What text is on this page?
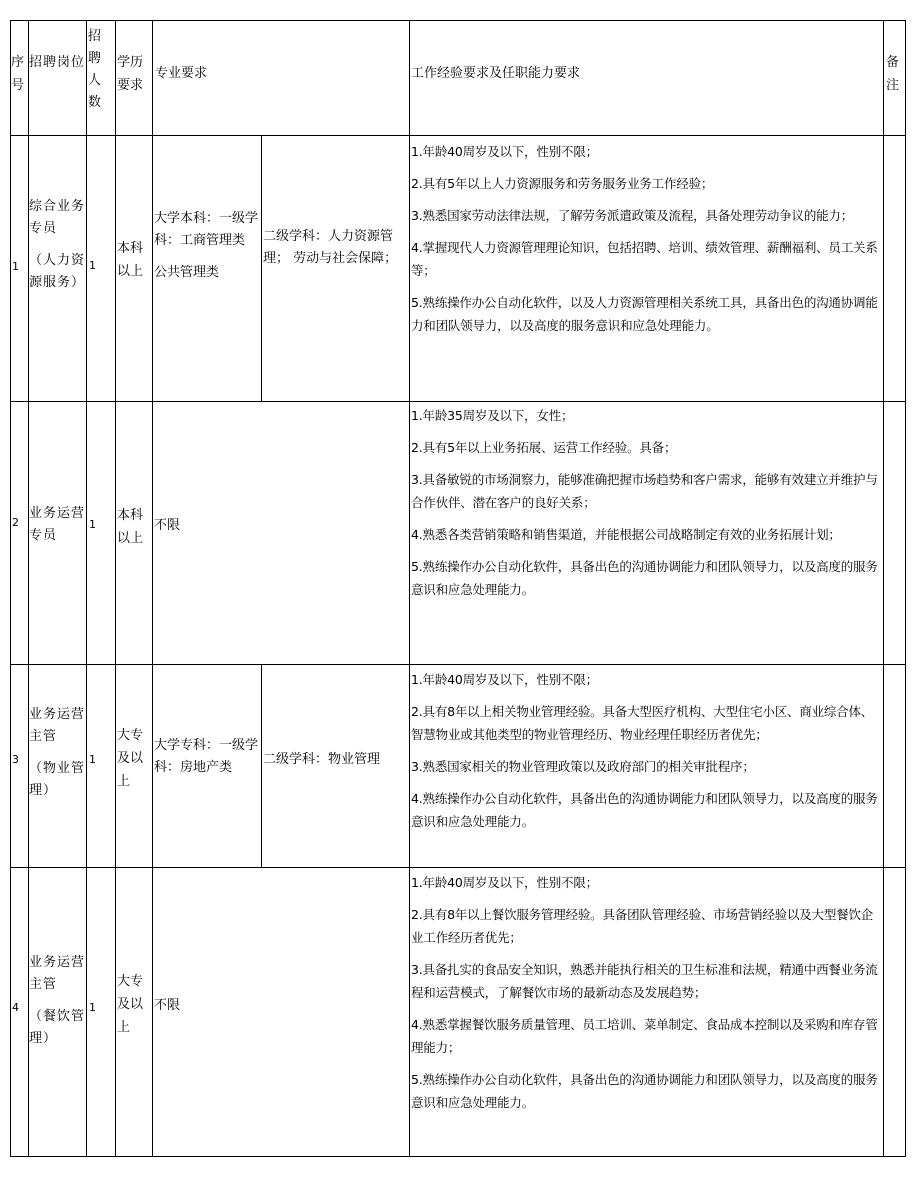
序号
招聘岗位
招聘人数
学历要求
专业要求	工作经验要求及任职能力要求
备注
1
综合业务专员
（人力资源服务）
1
本科以上
大学本科：一级学科：工商管理类
公共管理类
二级学科：人力资源管理； 劳动与社会保障；

1.年龄40周岁及以下，性别不限；

2.具有5年以上人力资源服务和劳务服务业务工作经验；

3.熟悉国家劳动法律法规，了解劳务派遣政策及流程，具备处理劳动争议的能力；

4.掌握现代人力资源管理理论知识，包括招聘、培训、绩效管理、薪酬福利、员工关系等；

5.熟练操作办公自动化软件，以及人力资源管理相关系统工具，具备出色的沟通协调能力和团队领导力，以及高度的服务意识和应急处理能力。

2
业务运营专员
1
本科以上
不限

1.年龄35周岁及以下，女性；

2.具有5年以上业务拓展、运营工作经验。具备；

3.具备敏锐的市场洞察力，能够准确把握市场趋势和客户需求，能够有效建立并维护与合作伙伴、潜在客户的良好关系；

4.熟悉各类营销策略和销售渠道，并能根据公司战略制定有效的业务拓展计划；

5.熟练操作办公自动化软件，具备出色的沟通协调能力和团队领导力，以及高度的服务意识和应急处理能力。

3
业务运营主管
（物业管理）
1
大专及以上
大学专科：一级学科：房地产类
二级学科：物业管理

1.年龄40周岁及以下，性别不限；

2.具有8年以上相关物业管理经验。具备大型医疗机构、大型住宅小区、商业综合体、智慧物业或其他类型的物业管理经历、物业经理任职经历者优先；

3.熟悉国家相关的物业管理政策以及政府部门的相关审批程序；

4.熟练操作办公自动化软件，具备出色的沟通协调能力和团队领导力，以及高度的服务意识和应急处理能力。

4
业务运营主管
（餐饮管理）
1
大专及以上
不限

1.年龄40周岁及以下，性别不限；

2.具有8年以上餐饮服务管理经验。具备团队管理经验、市场营销经验以及大型餐饮企业工作经历者优先；

3.具备扎实的食品安全知识，熟悉并能执行相关的卫生标准和法规，精通中西餐业务流程和运营模式，了解餐饮市场的最新动态及发展趋势；

4.熟悉掌握餐饮服务质量管理、员工培训、菜单制定、食品成本控制以及采购和库存管理能力；

5.熟练操作办公自动化软件，具备出色的沟通协调能力和团队领导力，以及高度的服务意识和应急处理能力。
